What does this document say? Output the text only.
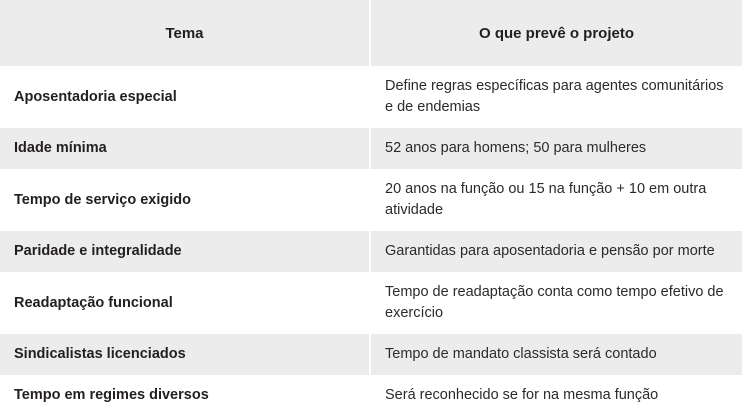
Tema	O que prevê o projeto
Aposentadoria especial	Define regras específicas para agentes comunitários e de endemias
Idade mínima	52 anos para homens; 50 para mulheres
Tempo de serviço exigido	20 anos na função ou 15 na função + 10 em outra atividade
Paridade e integralidade	Garantidas para aposentadoria e pensão por morte
Readaptação funcional	Tempo de readaptação conta como tempo efetivo de exercício
Sindicalistas licenciados	Tempo de mandato classista será contado
Tempo em regimes diversos	Será reconhecido se for na mesma função
